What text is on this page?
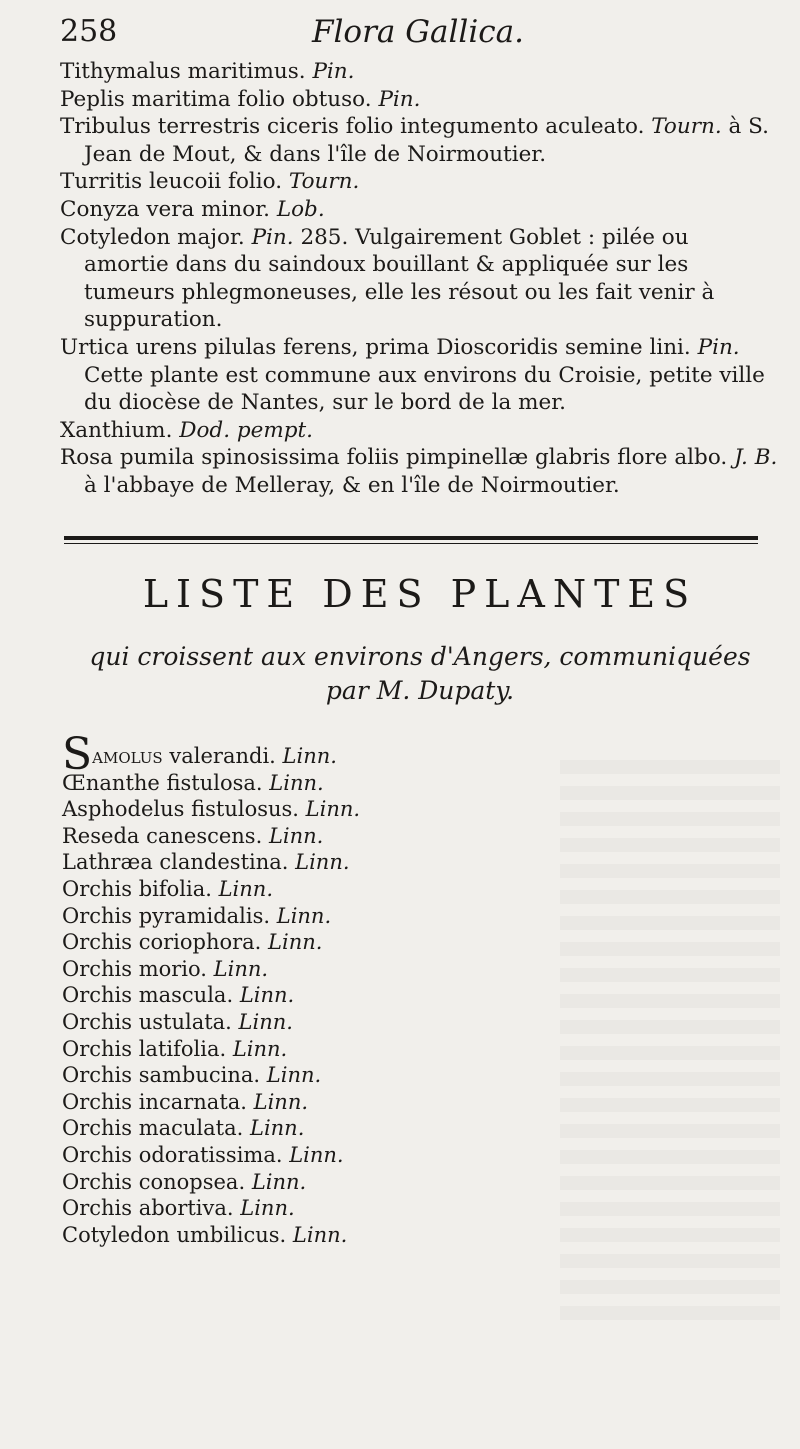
258	Flora Gallica.

Tithymalus maritimus. Pin.

Peplis maritima folio obtuso. Pin.

Tribulus terrestris ciceris folio integumento aculeato. Tourn. à S. Jean de Mout, & dans l'île de Noirmoutier.

Turritis leucoii folio. Tourn.

Conyza vera minor. Lob.

Cotyledon major. Pin. 285. Vulgairement Goblet : pilée ou amortie dans du saindoux bouillant & appliquée sur les tumeurs phlegmoneuses, elle les résout ou les fait venir à suppuration.

Urtica urens pilulas ferens, prima Dioscoridis semine lini. Pin. Cette plante est commune aux environs du Croisie, petite ville du diocèse de Nantes, sur le bord de la mer.

Xanthium. Dod. pempt.

Rosa pumila spinosissima foliis pimpinellæ glabris flore albo. J. B. à l'abbaye de Melleray, & en l'île de Noirmoutier.

LISTE DES PLANTES
qui croissent aux environs d'Angers, communiquées
par M. Dupaty.
Samolus valerandi. Linn.
Œnanthe fistulosa. Linn.
Asphodelus fistulosus. Linn.
Reseda canescens. Linn.
Lathræa clandestina. Linn.
Orchis bifolia. Linn.
Orchis pyramidalis. Linn.
Orchis coriophora. Linn.
Orchis morio. Linn.
Orchis mascula. Linn.
Orchis ustulata. Linn.
Orchis latifolia. Linn.
Orchis sambucina. Linn.
Orchis incarnata. Linn.
Orchis maculata. Linn.
Orchis odoratissima. Linn.
Orchis conopsea. Linn.
Orchis abortiva. Linn.
Cotyledon umbilicus. Linn.
